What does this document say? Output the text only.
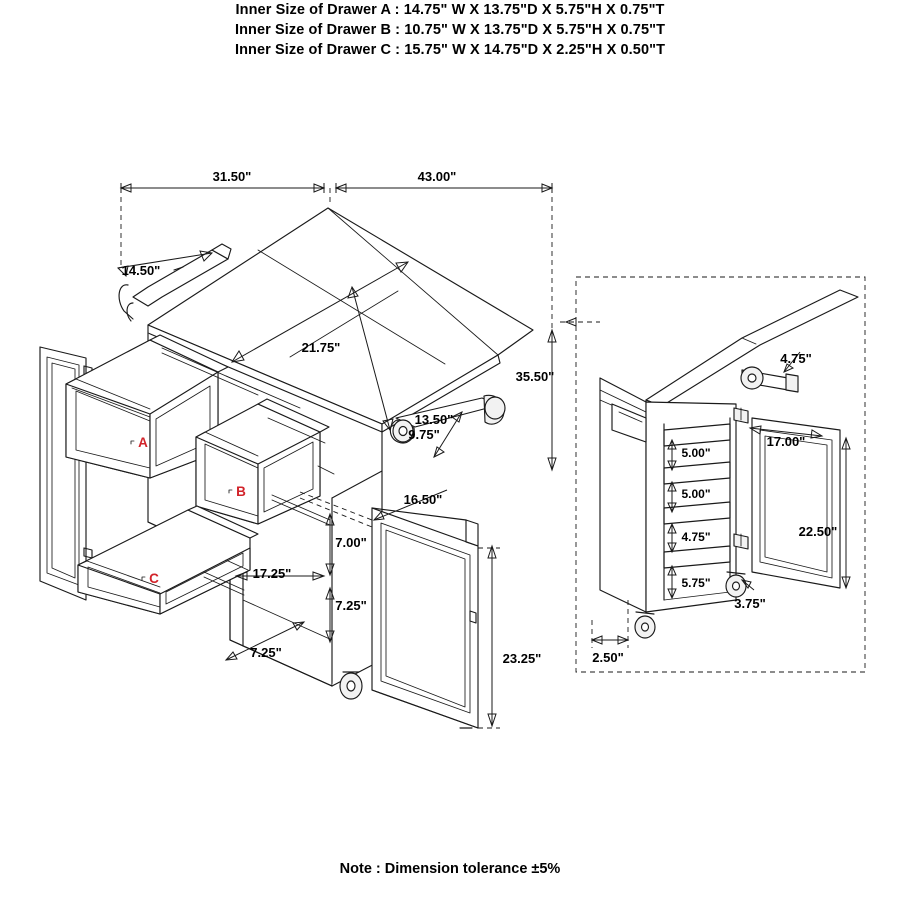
Inner Size of Drawer A : 14.75" W X 13.75"D X 5.75"H X 0.75"T
Inner Size of Drawer B : 10.75" W X 13.75"D X 5.75"H X 0.75"T
Inner Size of Drawer C : 15.75" W X 14.75"D X 2.25"H X 0.50"T
31.50"	43.00"
14.50"
9.75"
21.75"
35.50"
13.50"
16.50"
7.00"
17.25"
7.25"
7.25"	23.25"
4.75"
17.00"
5.00"
5.00"
4.75"
5.75"
22.50"
3.75"
2.50"
A
B
C
Note : Dimension tolerance ±5%
